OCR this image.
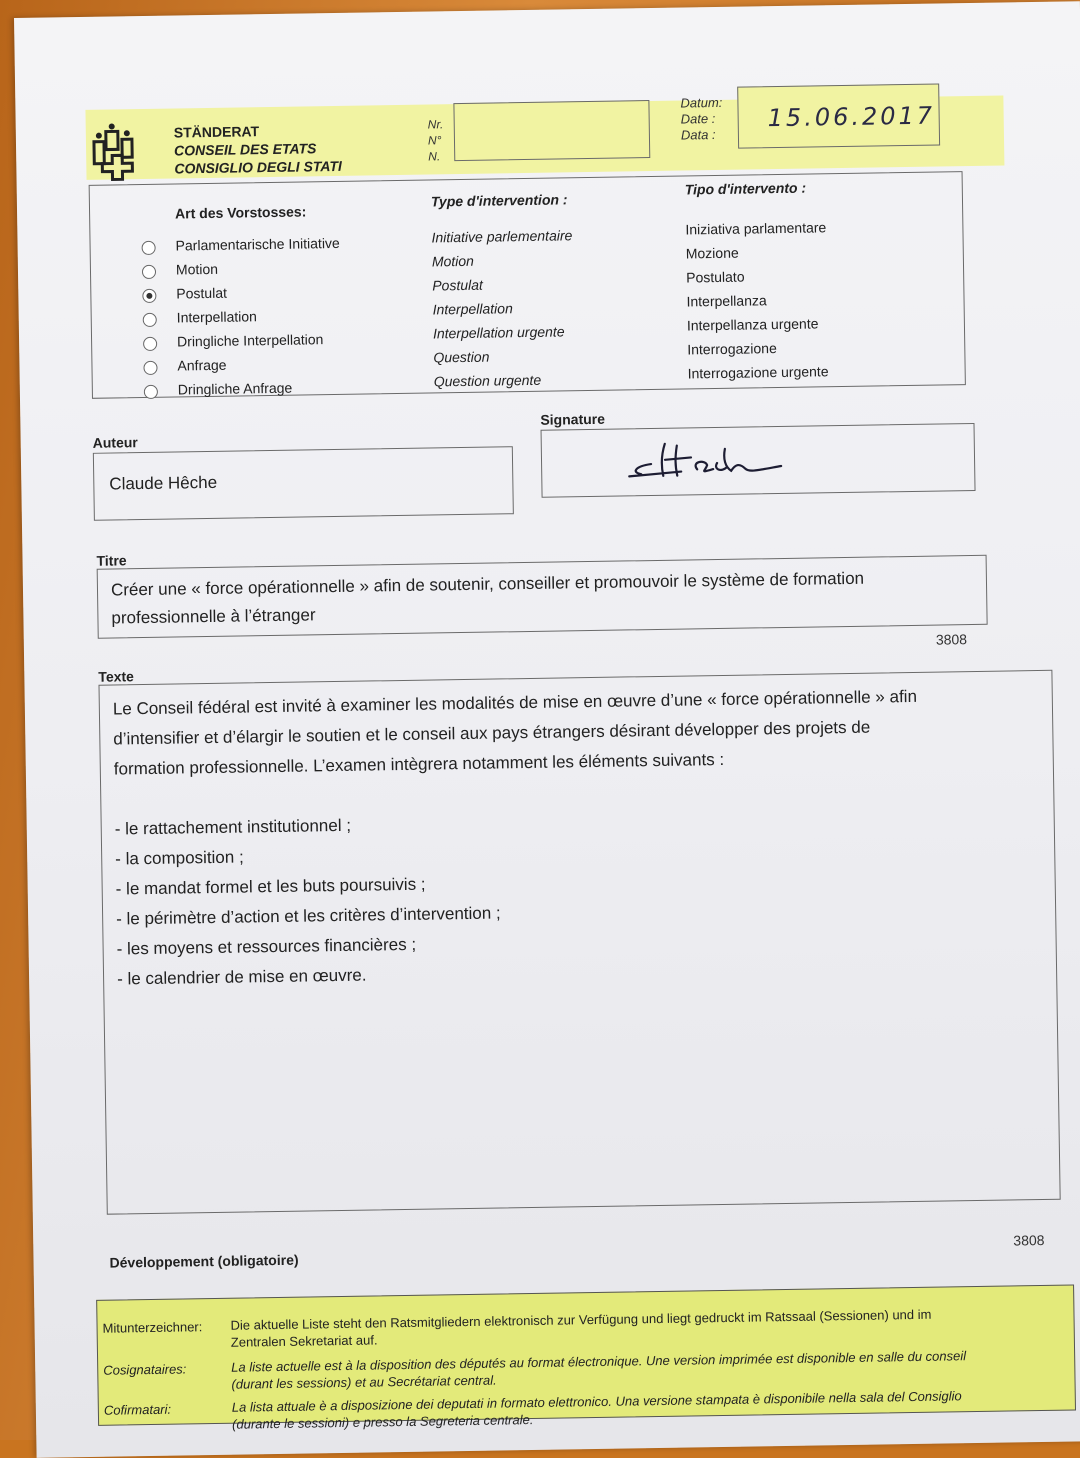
STÄNDERAT
CONSEIL DES ETATS
CONSIGLIO DEGLI STATI
Nr.
N°
N.
Datum:
Date :
Data :
15.06.2017
Art des Vorstosses:
Type d'intervention :
Tipo d'intervento :
Auteur
Claude Hêche
Signature
Titre
Créer une « force opérationnelle » afin de soutenir, conseiller et promouvoir le système de formation
professionnelle à l’étranger
3808
Texte
Le Conseil fédéral est invité à examiner les modalités de mise en œuvre d’une « force opérationnelle » afin
d’intensifier et d’élargir le soutien et le conseil aux pays étrangers désirant développer des projets de
formation professionnelle. L’examen intègrera notamment les éléments suivants :
- le rattachement institutionnel ;
- la composition ;
- le mandat formel et les buts poursuivis ;
- le périmètre d’action et les critères d’intervention ;
- les moyens et ressources financières ;
- le calendrier de mise en œuvre.
Développement (obligatoire)
3808
Mitunterzeichner: Die aktuelle Liste steht den Ratsmitgliedern elektronisch zur Verfügung und liegt gedruckt im Ratssaal (Sessionen) und im
Zentralen Sekretariat auf.
Cosignataires:	La liste actuelle est à la disposition des députés au format électronique. Une version imprimée est disponible en salle du conseil
(durant les sessions) et au Secrétariat central.
Cofirmatari:	La lista attuale è a disposizione dei deputati in formato elettronico. Una versione stampata è disponibile nella sala del Consiglio
(durante le sessioni) e presso la Segreteria centrale.
Parlamentarische Initiative	Initiative parlementaire	Iniziativa parlamentare
Motion	Motion	Mozione
Postulat	Postulat	Postulato
Interpellation	Interpellation	Interpellanza
Dringliche Interpellation	Interpellation urgente	Interpellanza urgente
Anfrage	Question	Interrogazione
Dringliche Anfrage	Question urgente	Interrogazione urgente
